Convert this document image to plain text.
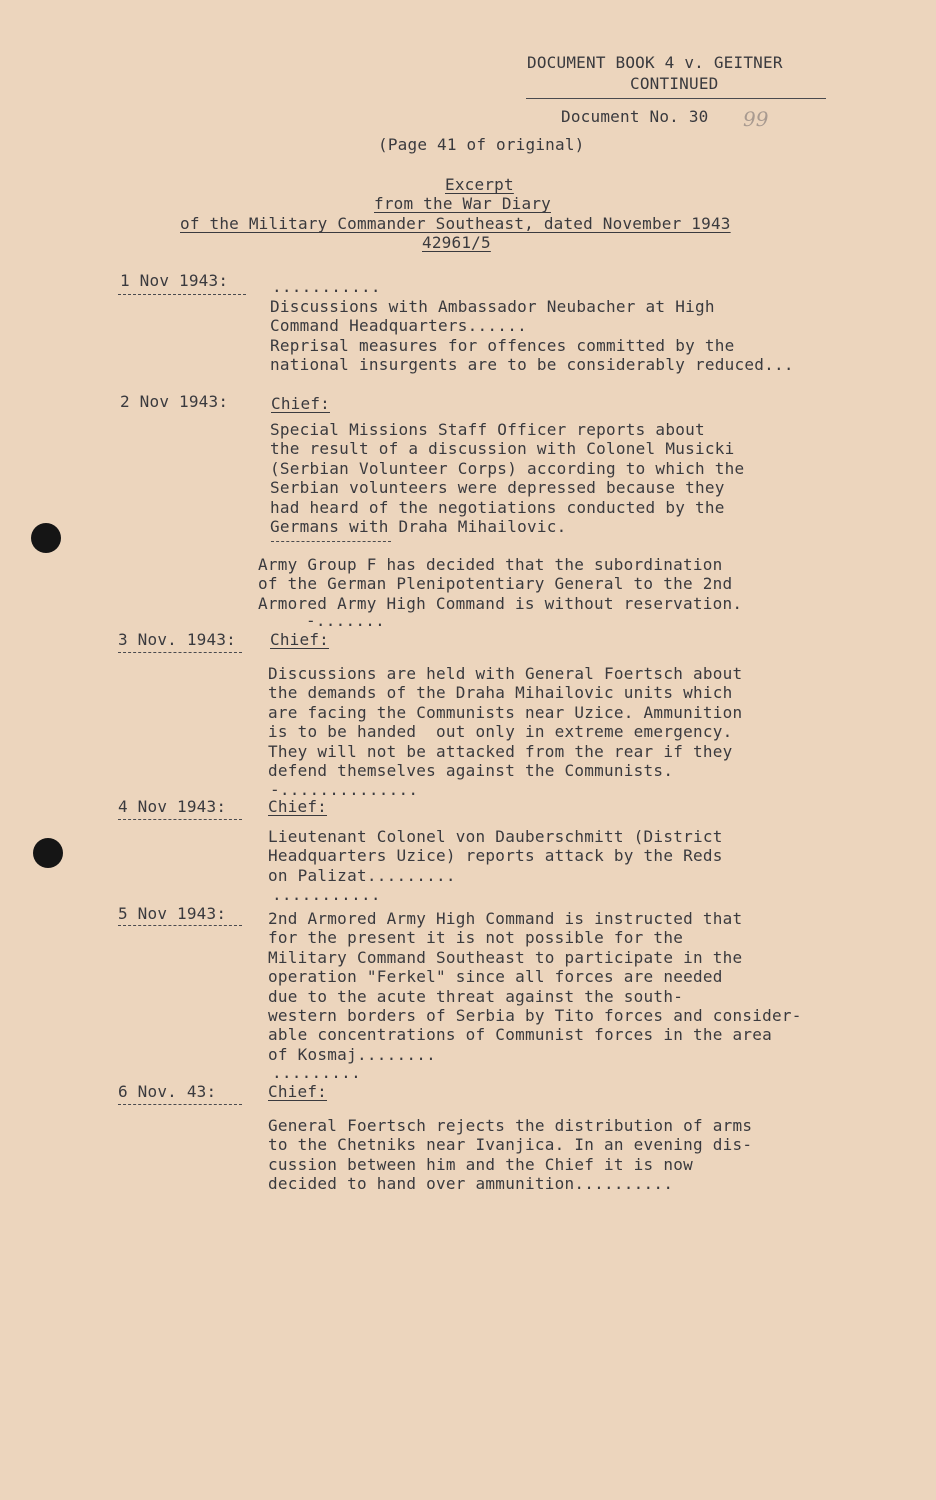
DOCUMENT BOOK 4 v. GEITNER
CONTINUED
Document No. 30 99
(Page 41 of original)
Excerpt
from the War Diary
of the Military Commander Southeast, dated November 1943
42961/5
1 Nov 1943:	...........
Discussions with Ambassador Neubacher at High
Command Headquarters......
Reprisal measures for offences committed by the
national insurgents are to be considerably reduced...
2 Nov 1943:	Chief:
Special Missions Staff Officer reports about
the result of a discussion with Colonel Musicki
(Serbian Volunteer Corps) according to which the
Serbian volunteers were depressed because they
had heard of the negotiations conducted by the
Germans with Draha Mihailovic.
Army Group F has decided that the subordination
of the German Plenipotentiary General to the 2nd
Armored Army High Command is without reservation.
-.......
3 Nov. 1943: Chief:
Discussions are held with General Foertsch about
the demands of the Draha Mihailovic units which
are facing the Communists near Uzice. Ammunition
is to be handed  out only in extreme emergency.
They will not be attacked from the rear if they
defend themselves against the Communists.
-..............
4 Nov 1943:	Chief:
Lieutenant Colonel von Dauberschmitt (District
Headquarters Uzice) reports attack by the Reds
on Palizat.........
...........
5 Nov 1943:	2nd Armored Army High Command is instructed that
for the present it is not possible for the
Military Command Southeast to participate in the
operation "Ferkel" since all forces are needed
due to the acute threat against the south-
western borders of Serbia by Tito forces and consider-
able concentrations of Communist forces in the area
of Kosmaj........
.........
6 Nov. 43:	Chief:
General Foertsch rejects the distribution of arms
to the Chetniks near Ivanjica. In an evening dis-
cussion between him and the Chief it is now
decided to hand over ammunition..........
